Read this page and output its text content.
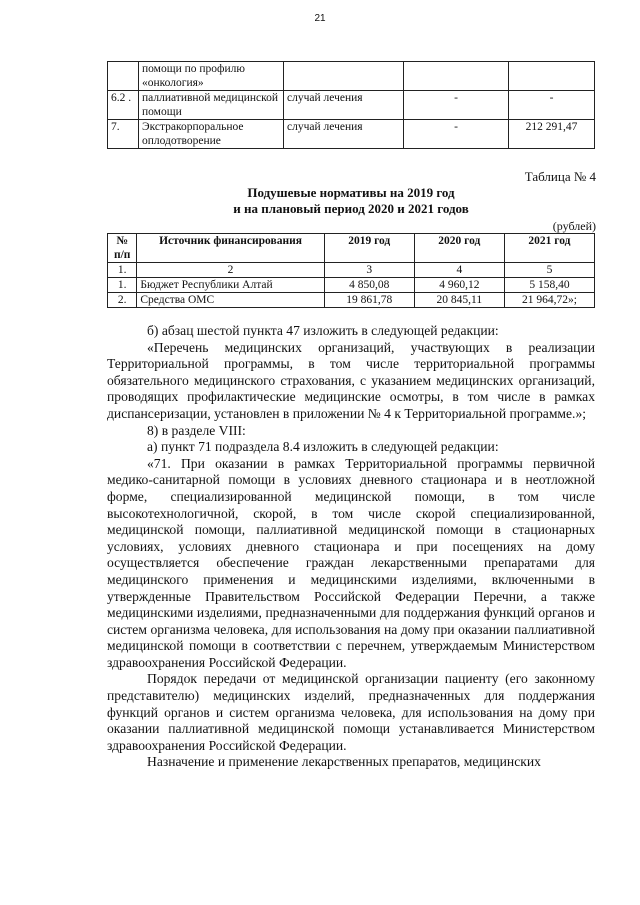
21
	помощи по профилю «онкология»			
6.2 .	паллиативной медицинской помощи	случай лечения	-	-
7.	Экстракорпоральное оплодотворение	случай лечения	-	212 291,47
Таблица № 4
Подушевые нормативы на 2019 год
и на плановый период 2020 и 2021 годов
(рублей)
№ п/п	Источник финансирования	2019 год	2020 год	2021 год
1.	2	3	4	5
1.	Бюджет Республики Алтай	4 850,08	4 960,12	5 158,40
2.	Средства ОМС	19 861,78	20 845,11	21 964,72»;

б) абзац шестой пункта 47 изложить в следующей редакции:

«Перечень медицинских организаций, участвующих в реализации Территориальной программы, в том числе территориальной программы обязательного медицинского страхования, с указанием медицинских организаций, проводящих профилактические медицинские осмотры, в том числе в рамках диспансеризации, установлен в приложении № 4 к Территориальной программе.»;

8) в разделе VIII:

а) пункт 71 подраздела 8.4 изложить в следующей редакции:

«71. При оказании в рамках Территориальной программы первичной медико-санитарной помощи в условиях дневного стационара и в неотложной форме, специализированной медицинской помощи, в том числе высокотехнологичной, скорой, в том числе скорой специализированной, медицинской помощи, паллиативной медицинской помощи в стационарных условиях, условиях дневного стационара и при посещениях на дому осуществляется обеспечение граждан лекарственными препаратами для медицинского применения и медицинскими изделиями, включенными в утвержденные Правительством Российской Федерации Перечни, а также медицинскими изделиями, предназначенными для поддержания функций органов и систем организма человека, для использования на дому при оказании паллиативной медицинской помощи в соответствии с перечнем, утверждаемым Министерством здравоохранения Российской Федерации.

Порядок передачи от медицинской организации пациенту (его законному представителю) медицинских изделий, предназначенных для поддержания функций органов и систем организма человека, для использования на дому при оказании паллиативной медицинской помощи устанавливается Министерством здравоохранения Российской Федерации.

Назначение и применение лекарственных препаратов, медицинских
